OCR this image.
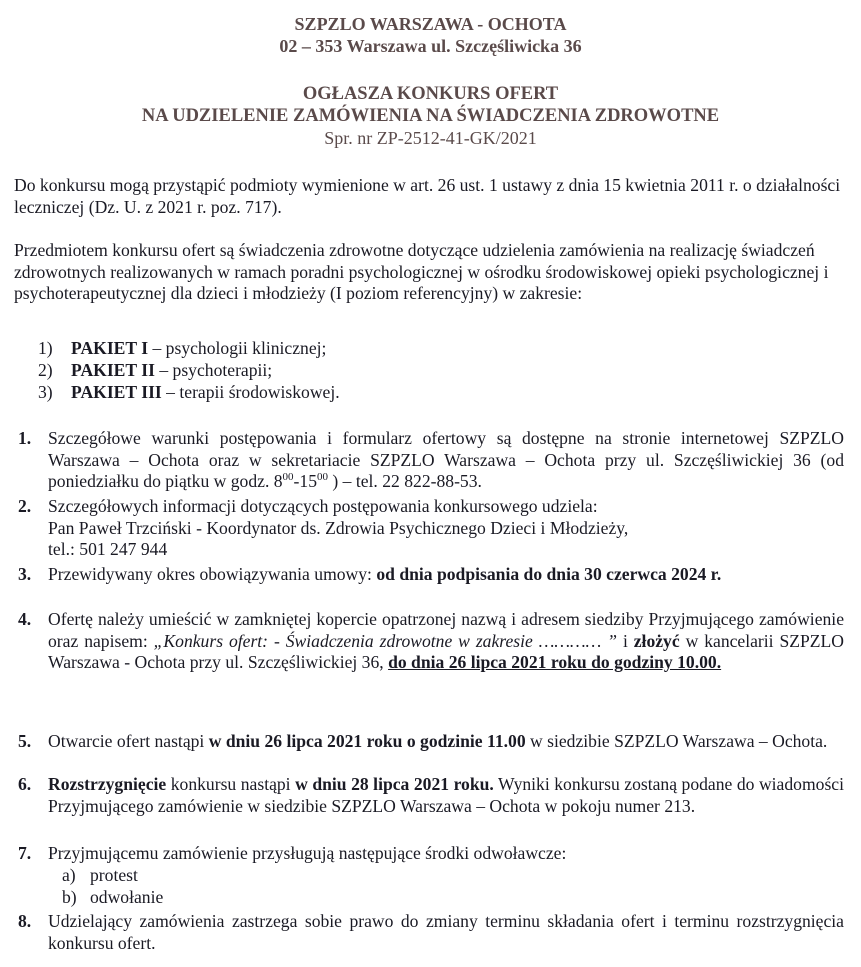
SZPZLO WARSZAWA - OCHOTA
02 – 353 Warszawa ul. Szczęśliwicka 36
OGŁASZA KONKURS OFERT
NA UDZIELENIE ZAMÓWIENIA NA ŚWIADCZENIA ZDROWOTNE
Spr. nr ZP-2512-41-GK/2021
Do konkursu mogą przystąpić podmioty wymienione w art. 26 ust. 1 ustawy z dnia 15 kwietnia 2011 r. o działalności leczniczej (Dz. U. z 2021 r. poz. 717).
Przedmiotem konkursu ofert są świadczenia zdrowotne dotyczące udzielenia zamówienia na realizację świadczeń zdrowotnych realizowanych w ramach poradni psychologicznej w ośrodku środowiskowej opieki psychologicznej i psychoterapeutycznej dla dzieci i młodzieży (I poziom referencyjny) w zakresie:
1) PAKIET I – psychologii klinicznej;
2) PAKIET II – psychoterapii;
3) PAKIET III – terapii środowiskowej.
1. Szczegółowe warunki postępowania i formularz ofertowy są dostępne na stronie internetowej SZPZLO Warszawa – Ochota oraz w sekretariacie SZPZLO Warszawa – Ochota przy ul. Szczęśliwickiej 36 (od poniedziałku do piątku w godz. $8^{00}-15^{00}$ ) – tel. 22 822-88-53.
2. Szczegółowych informacji dotyczących postępowania konkursowego udziela:
Pan Paweł Trzciński - Koordynator ds. Zdrowia Psychicznego Dzieci i Młodzieży,
tel.: 501 247 944
3. Przewidywany okres obowiązywania umowy: od dnia podpisania do dnia 30 czerwca 2024 r.
4. Ofertę należy umieścić w zamkniętej kopercie opatrzonej nazwą i adresem siedziby Przyjmującego zamówienie oraz napisem: „Konkurs ofert: - Świadczenia zdrowotne w zakresie ………… ” i złożyć w kancelarii SZPZLO Warszawa - Ochota przy ul. Szczęśliwickiej 36, do dnia 26 lipca 2021 roku do godziny 10.00.
5. Otwarcie ofert nastąpi w dniu 26 lipca 2021 roku o godzinie 11.00 w siedzibie SZPZLO Warszawa – Ochota.
6. Rozstrzygnięcie konkursu nastąpi w dniu 28 lipca 2021 roku. Wyniki konkursu zostaną podane do wiadomości Przyjmującego zamówienie w siedzibie SZPZLO Warszawa – Ochota w pokoju numer 213.
7. Przyjmującemu zamówienie przysługują następujące środki odwoławcze:
a) protest
b) odwołanie
8. Udzielający zamówienia zastrzega sobie prawo do zmiany terminu składania ofert i terminu rozstrzygnięcia konkursu ofert.
